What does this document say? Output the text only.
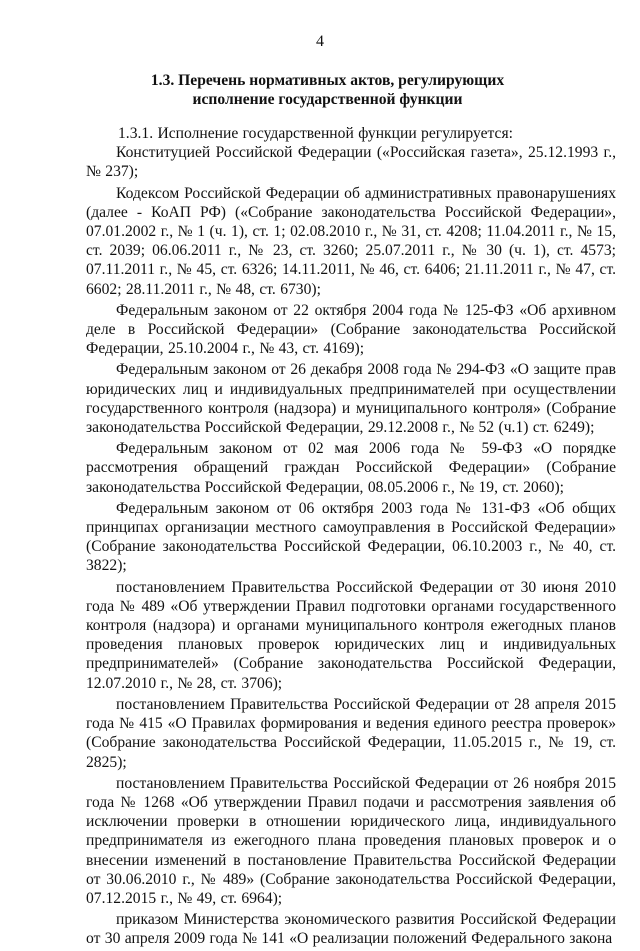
4
1.3. Перечень нормативных актов, регулирующих исполнение государственной функции

1.3.1. Исполнение государственной функции регулируется:

Конституцией Российской Федерации («Российская газета», 25.12.1993 г., № 237);

Кодексом Российской Федерации об административных правонарушениях (далее - КоАП РФ) («Собрание законодательства Российской Федерации», 07.01.2002 г., № 1 (ч. 1), ст. 1; 02.08.2010 г., № 31, ст. 4208; 11.04.2011 г., № 15, ст. 2039; 06.06.2011 г., № 23, ст. 3260; 25.07.2011 г., № 30 (ч. 1), ст. 4573; 07.11.2011 г., № 45, ст. 6326; 14.11.2011, № 46, ст. 6406; 21.11.2011 г., № 47, ст. 6602; 28.11.2011 г., № 48, ст. 6730);

Федеральным законом от 22 октября 2004 года № 125-ФЗ «Об архивном деле в Российской Федерации» (Собрание законодательства Российской Федерации, 25.10.2004 г., № 43, ст. 4169);

Федеральным законом от 26 декабря 2008 года № 294-ФЗ «О защите прав юридических лиц и индивидуальных предпринимателей при осуществлении государственного контроля (надзора) и муниципального контроля» (Собрание законодательства Российской Федерации, 29.12.2008 г., № 52 (ч.1) ст. 6249);

Федеральным законом от 02 мая 2006 года № 59-ФЗ «О порядке рассмотрения обращений граждан Российской Федерации» (Собрание законодательства Российской Федерации, 08.05.2006 г., № 19, ст. 2060);

Федеральным законом от 06 октября 2003 года № 131-ФЗ «Об общих принципах организации местного самоуправления в Российской Федерации» (Собрание законодательства Российской Федерации, 06.10.2003 г., № 40, ст. 3822);

постановлением Правительства Российской Федерации от 30 июня 2010 года № 489 «Об утверждении Правил подготовки органами государственного контроля (надзора) и органами муниципального контроля ежегодных планов проведения плановых проверок юридических лиц и индивидуальных предпринимателей» (Собрание законодательства Российской Федерации, 12.07.2010 г., № 28, ст. 3706);

постановлением Правительства Российской Федерации от 28 апреля 2015 года № 415 «О Правилах формирования и ведения единого реестра проверок» (Собрание законодательства Российской Федерации, 11.05.2015 г., № 19, ст. 2825);

постановлением Правительства Российской Федерации от 26 ноября 2015 года № 1268 «Об утверждении Правил подачи и рассмотрения заявления об исключении проверки в отношении юридического лица, индивидуального предпринимателя из ежегодного плана проведения плановых проверок и о внесении изменений в постановление Правительства Российской Федерации от 30.06.2010 г., № 489» (Собрание законодательства Российской Федерации, 07.12.2015 г., № 49, ст. 6964);

приказом Министерства экономического развития Российской Федерации от 30 апреля 2009 года № 141 «О реализации положений Федерального закона
